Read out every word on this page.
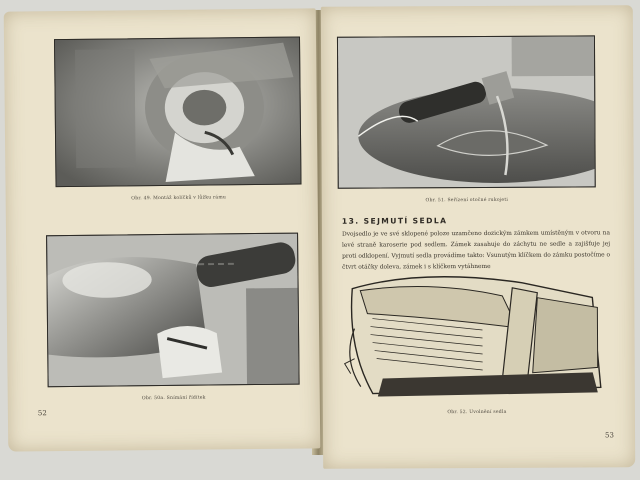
Obr. 49. Montáž kolíčků v lůžku rámu
Obr. 50a. Snímání řídítek
52
Obr. 51. Seřízení otočné rukojeti
13. SEJMUTÍ SEDLA
Dvojsedlo je ve své sklopené poloze uzamčeno dozickým zámkem umístěným v otvoru na levé straně karoserie pod sedlem. Zámek zasahuje do záchytu ne sedle a zajišťuje jej proti odklopení. Vyjmutí sedla provádíme takto: Vsunutým klíčkem do zámku postočíme o čtvrt otáčky doleva, zámek i s klíčkem vytáhneme
Obr. 52. Uvolnění sedla
53
